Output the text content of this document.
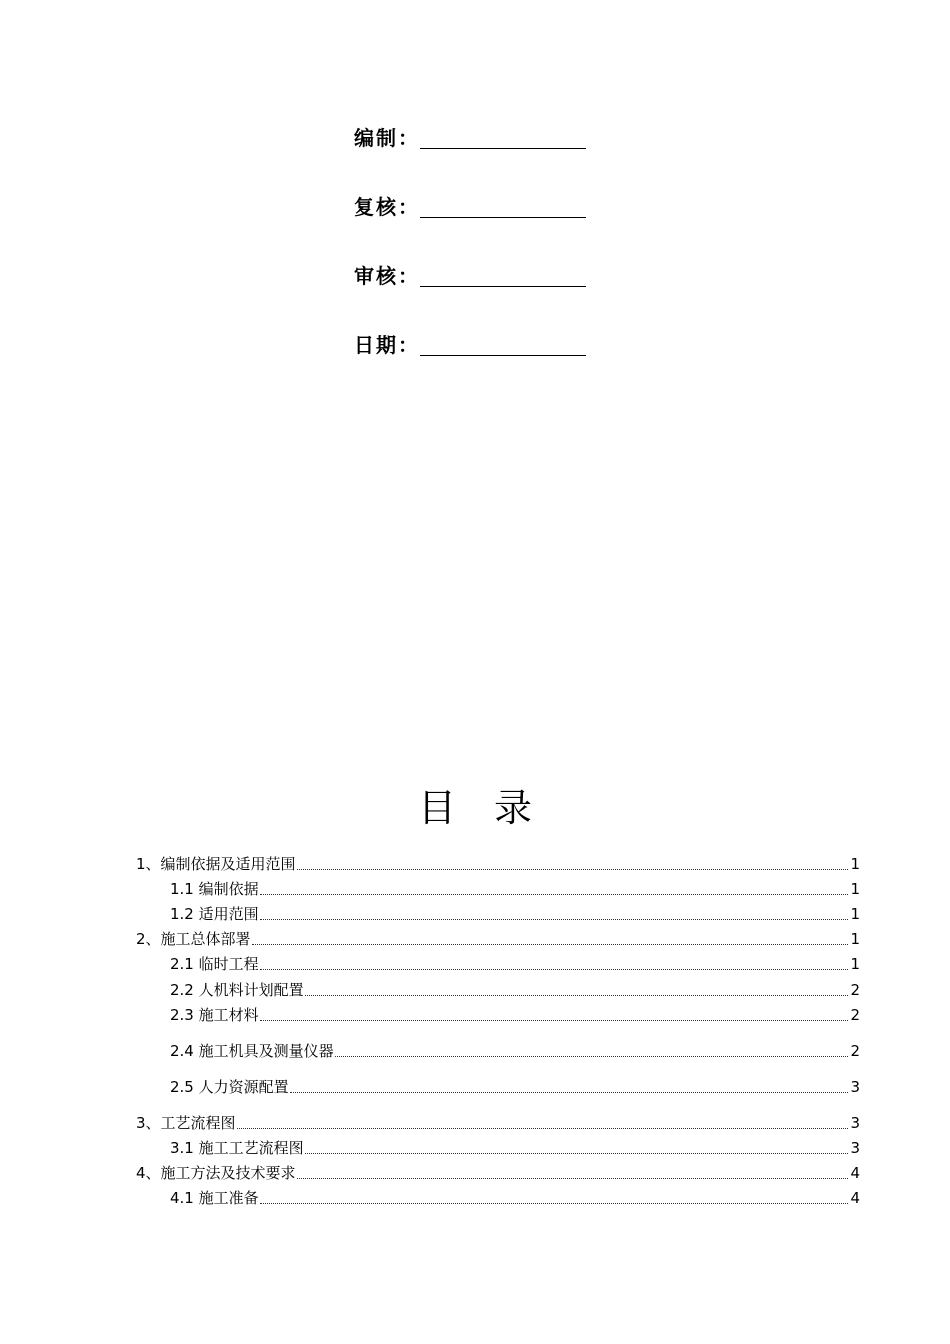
编制：
复核：
审核：
日期：
目录
1、编制依据及适用范围	1
1.1 编制依据	1
1.2 适用范围	1
2、施工总体部署	1
2.1 临时工程	1
2.2 人机料计划配置	2
2.3 施工材料	2
2.4 施工机具及测量仪器	2
2.5 人力资源配置	3
3、工艺流程图	3
3.1 施工工艺流程图	3
4、施工方法及技术要求	4
4.1 施工准备	4
